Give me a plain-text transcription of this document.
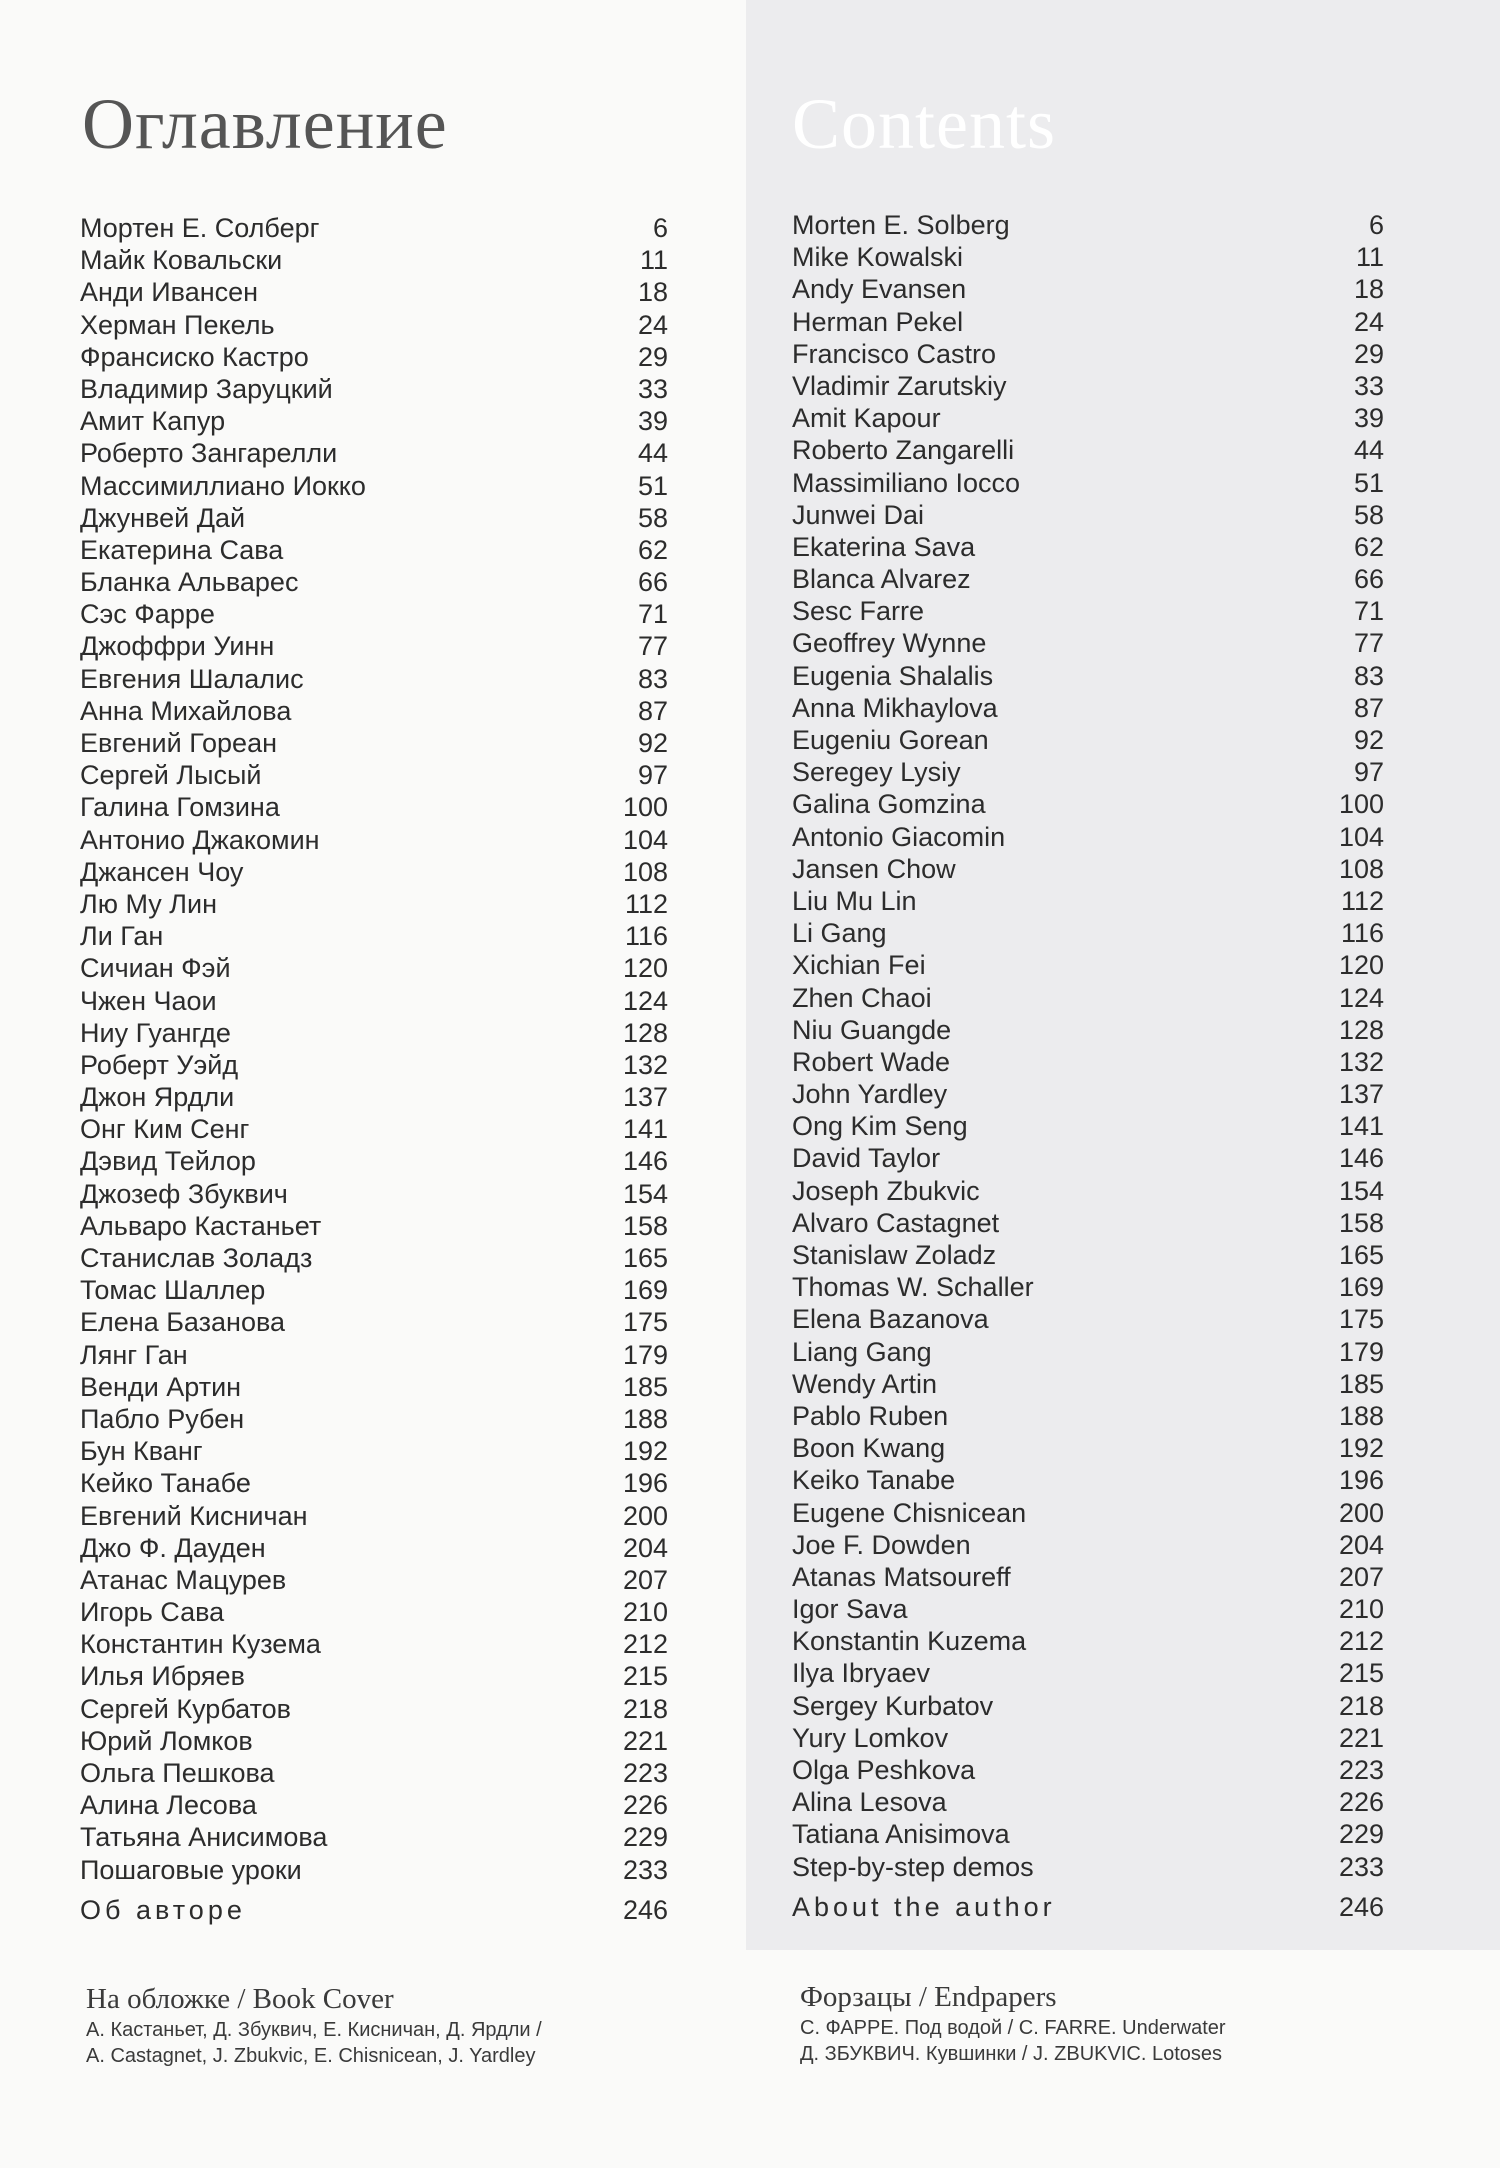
Оглавление	Contents
Мортен Е. Солберг	6
Майк Ковальски	11
Анди Ивансен	18
Херман Пекель	24
Франсиско Кастро	29
Владимир Заруцкий	33
Амит Капур	39
Роберто Зангарелли	44
Массимиллиано Иокко	51
Джунвей Дай	58
Екатерина Сава	62
Бланка Альварес	66
Сэс Фарре	71
Джоффри Уинн	77
Евгения Шалалис	83
Анна Михайлова	87
Евгений Гореан	92
Сергей Лысый	97
Галина Гомзина	100
Антонио Джакомин	104
Джансен Чоу	108
Лю Му Лин	112
Ли Ган	116
Сичиан Фэй	120
Чжен Чаои	124
Ниу Гуангде	128
Роберт Уэйд	132
Джон Ярдли	137
Онг Ким Сенг	141
Дэвид Тейлор	146
Джозеф Збуквич	154
Альваро Кастаньет	158
Станислав Золадз	165
Томас Шаллер	169
Елена Базанова	175
Лянг Ган	179
Венди Артин	185
Пабло Рубен	188
Бун Кванг	192
Кейко Танабе	196
Евгений Кисничан	200
Джо Ф. Дауден	204
Атанас Мацурев	207
Игорь Сава	210
Константин Кузема	212
Илья Ибряев	215
Сергей Курбатов	218
Юрий Ломков	221
Ольга Пешкова	223
Алина Лесова	226
Татьяна Анисимова	229
Пошаговые уроки	233
Об авторе	246
Morten E. Solberg	6
Mike Kowalski	11
Andy Evansen	18
Herman Pekel	24
Francisco Castro	29
Vladimir Zarutskiy	33
Amit Kapour	39
Roberto Zangarelli	44
Massimiliano Iocco	51
Junwei Dai	58
Ekaterina Sava	62
Blanca Alvarez	66
Sesc Farre	71
Geoffrey Wynne	77
Eugenia Shalalis	83
Anna Mikhaylova	87
Eugeniu Gorean	92
Seregey Lysiy	97
Galina Gomzina	100
Antonio Giacomin	104
Jansen Chow	108
Liu Mu Lin	112
Li Gang	116
Xichian Fei	120
Zhen Chaoi	124
Niu Guangde	128
Robert Wade	132
John Yardley	137
Ong Kim Seng	141
David Taylor	146
Joseph Zbukvic	154
Alvaro Castagnet	158
Stanislaw Zoladz	165
Thomas W. Schaller	169
Elena Bazanova	175
Liang Gang	179
Wendy Artin	185
Pablo Ruben	188
Boon Kwang	192
Keiko Tanabe	196
Eugene Chisnicean	200
Joe F. Dowden	204
Atanas Matsoureff	207
Igor Sava	210
Konstantin Kuzema	212
Ilya Ibryaev	215
Sergey Kurbatov	218
Yury Lomkov	221
Olga Peshkova	223
Alina Lesova	226
Tatiana Anisimova	229
Step-by-step demos	233
About the author	246
На обложке / Book Cover
А. Кастаньет, Д. Збуквич, Е. Кисничан, Д. Ярдли /
A. Castagnet, J. Zbukvic, E. Chisnicean, J. Yardley
Форзацы / Endpapers
С. ФАРРЕ. Под водой / C. FARRE. Underwater
Д. ЗБУКВИЧ. Кувшинки / J. ZBUKVIC. Lotoses
